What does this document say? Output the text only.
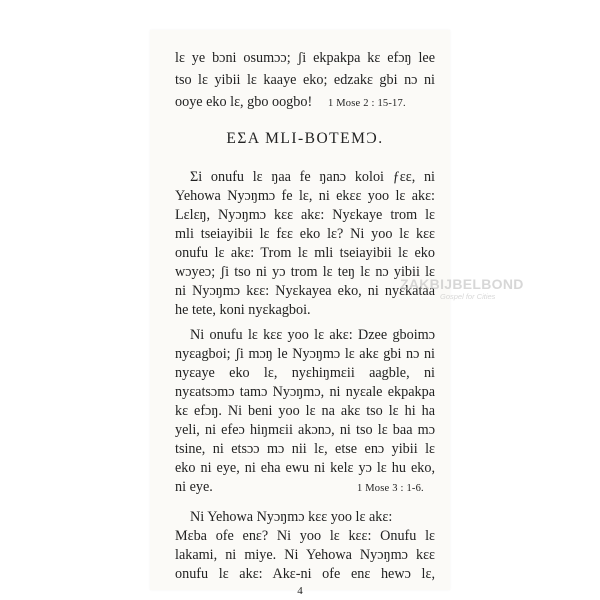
lɛ ye bɔni osumɔɔ; ʃi ekpakpa kɛ efɔŋ lee
tso lɛ yibii lɛ kaaye eko; edzakɛ gbi nɔ ni
ooye eko lɛ, gbo oogbo!	1 Mose 2 : 15-17.
ΕΣΑ MLI-BOTEMƆ.
Ʃi onufu lɛ ŋaa fe ŋanɔ koloi ƒɛɛ, ni
Yehowa Nyɔŋmɔ fe lɛ, ni ekɛɛ yoo lɛ akɛ:
Lɛlɛŋ, Nyɔŋmɔ kɛɛ akɛ: Nyɛkaye trom lɛ
mli tseiayibii lɛ fɛɛ eko lɛ? Ni yoo lɛ kɛɛ
onufu lɛ akɛ: Trom lɛ mli tseiayibii lɛ eko
wɔyeɔ; ʃi tso ni yɔ trom lɛ teŋ lɛ nɔ yibii lɛ
ni Nyɔŋmɔ kɛɛ: Nyɛkayea eko, ni nyɛkataa
he tete, koni nyɛkagboi.
Ni onufu lɛ kɛɛ yoo lɛ akɛ: Dzee gboimɔ
nyɛagboi; ʃi mɔŋ le Nyɔŋmɔ lɛ akɛ gbi nɔ ni
nyɛaye eko lɛ, nyɛhiŋmɛii aagble, ni
nyɛatsɔmɔ tamɔ Nyɔŋmɔ, ni nyɛale ekpakpa
kɛ efɔŋ. Ni beni yoo lɛ na akɛ tso lɛ hi ha
yeli, ni efeɔ hiŋmɛii akɔnɔ, ni tso lɛ baa mɔ
tsine, ni etsɔɔ mɔ nii lɛ, etse enɔ yibii lɛ
eko ni eye, ni eha ewu ni kelɛ yɔ lɛ hu eko,
ni eye.	1 Mose 3 : 1-6.
4
ZAKBIJBELBOND
Gospel for Cities
Ni Yehowa Nyɔŋmɔ kɛɛ yoo lɛ akɛ:
Mɛba ofe enɛ? Ni yoo lɛ kɛɛ: Onufu lɛ
lakami, ni miye. Ni Yehowa Nyɔŋmɔ kɛɛ
onufu lɛ akɛ: Akɛ-ni ofe enɛ hewɔ lɛ,
